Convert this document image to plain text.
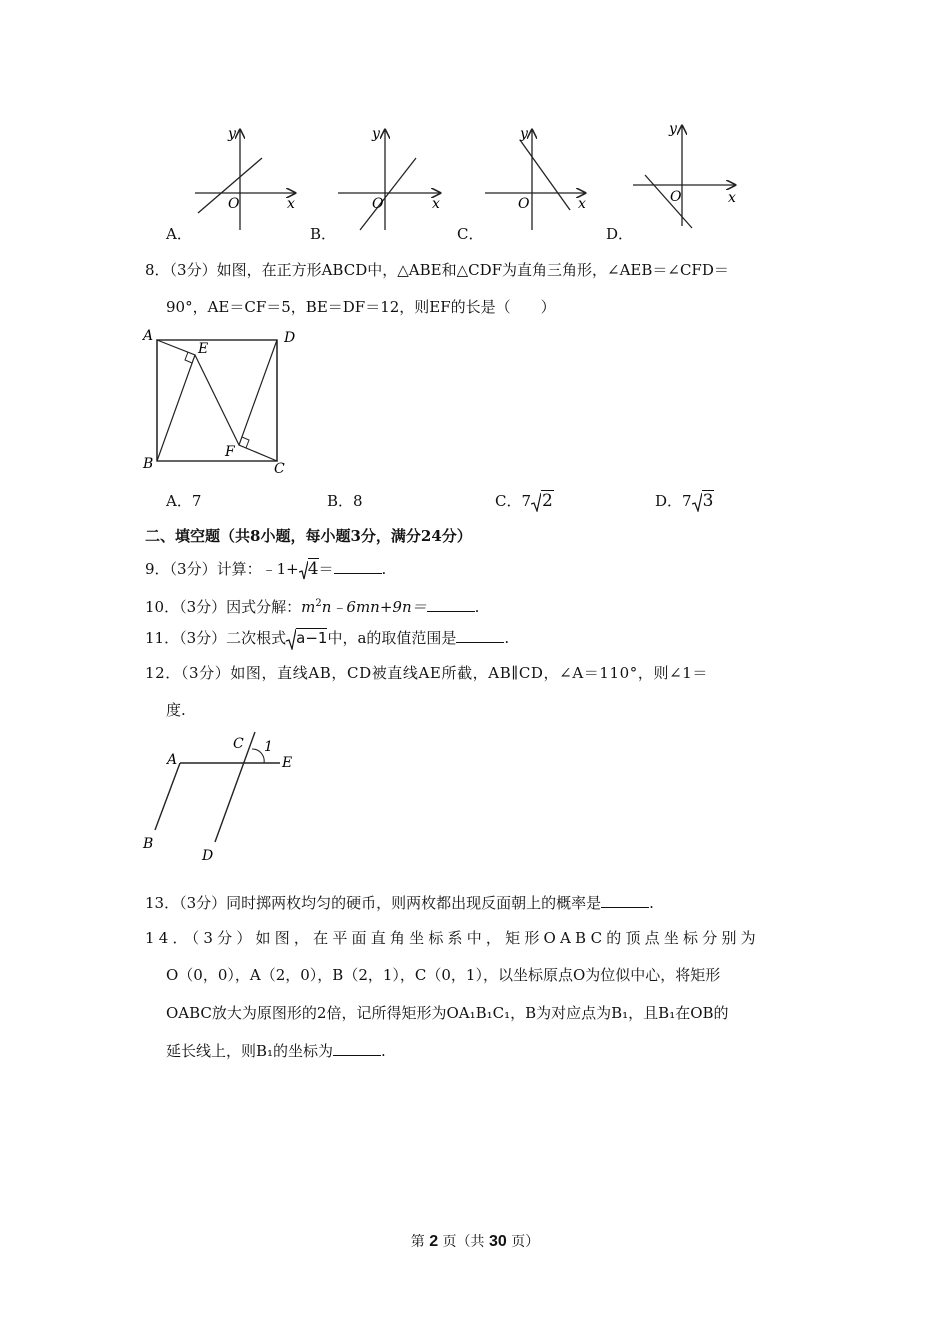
y
x
O
y
x
O
y
x
O
y
x
O
A．	B．	C．	D．
8．（3分）如图，在正方形ABCD中，△ABE和△CDF为直角三角形，∠AEB＝∠CFD＝
90°，AE＝CF＝5，BE＝DF＝12，则EF的长是（　　）
A	D
E
B
F
C
A．7	B．8	C．7 2	D．7 3
二、填空题（共8小题，每小题3分，满分24分）
9．（3分）计算：﹣1+ 4＝	.
10．（3分）因式分解：$m^2n﹣6mn+9n=$	.
11．（3分）二次根式 a−1中，a的取值范围是	.
12．（3分）如图，直线AB，CD被直线AE所截，AB∥CD，∠A＝110°，则∠1＝
度.
C 1
A	E
B
D
13．（3分）同时掷两枚均匀的硬币，则两枚都出现反面朝上的概率是	.
14．（3分）如图，在平面直角坐标系中，矩形OABC的顶点坐标分别为
O（0，0），A（2，0），B（2，1），C（0，1），以坐标原点O为位似中心，将矩形
OABC放大为原图形的2倍，记所得矩形为OA₁B₁C₁，B为对应点为B₁，且B₁在OB的
延长线上，则B₁的坐标为	.
第 2 页（共 30 页）
